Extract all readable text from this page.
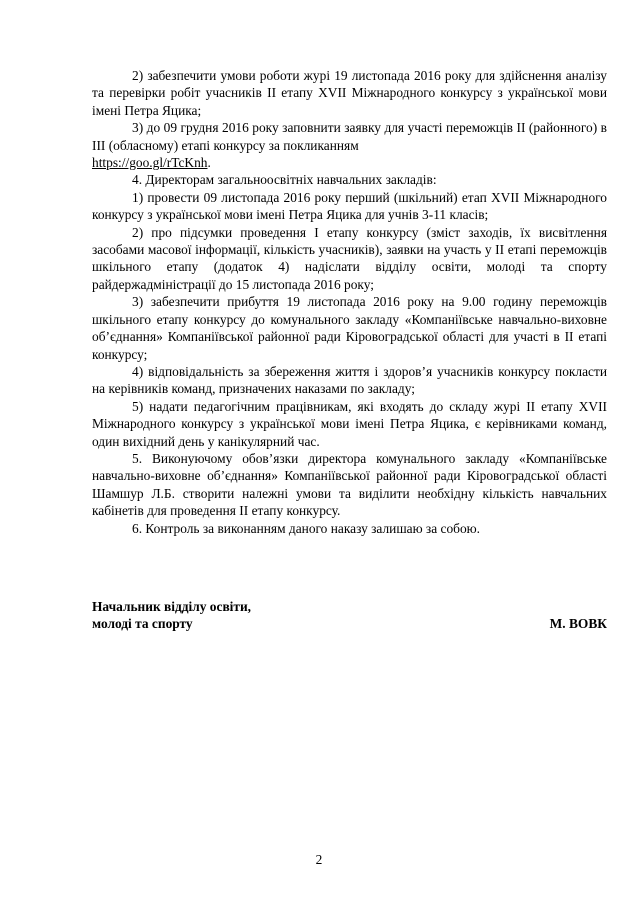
2) забезпечити умови роботи журі 19 листопада 2016 року для здійснення аналізу та перевірки робіт учасників ІІ етапу XVII Міжнародного конкурсу з української мови імені Петра Яцика;

3) до 09 грудня 2016 року заповнити заявку для участі переможців ІІ (районного) в ІІІ (обласному) етапі конкурсу за покликанням
https://goo.gl/rTcKnh.

4. Директорам загальноосвітніх навчальних закладів:

1) провести 09 листопада 2016 року перший (шкільний) етап XVII Міжнародного конкурсу з української мови імені Петра Яцика для учнів 3-11 класів;

2) про підсумки проведення І етапу конкурсу (зміст заходів, їх висвітлення засобами масової інформації, кількість учасників), заявки на участь у ІІ етапі переможців шкільного етапу (додаток 4) надіслати відділу освіти, молоді та спорту райдержадміністрації до 15 листопада 2016 року;

3) забезпечити прибуття 19 листопада 2016 року на 9.00 годину переможців шкільного етапу конкурсу до комунального закладу «Компаніївське навчально-виховне об’єднання» Компаніївської районної ради Кіровоградської області для участі в ІІ етапі конкурсу;

4) відповідальність за збереження життя і здоров’я учасників конкурсу покласти на керівників команд, призначених наказами по закладу;

5) надати педагогічним працівникам, які входять до складу журі ІІ етапу XVII Міжнародного конкурсу з української мови імені Петра Яцика, є керівниками команд, один вихідний день у канікулярний час.

5. Виконуючому обов’язки директора комунального закладу «Компаніївське навчально-виховне об’єднання» Компаніївської районної ради Кіровоградської області Шамшур Л.Б. створити належні умови та виділити необхідну кількість навчальних кабінетів для проведення ІІ етапу конкурсу.

6. Контроль за виконанням даного наказу залишаю за собою.

Начальник відділу освіти,
молоді та спорту	М. ВОВК
2
